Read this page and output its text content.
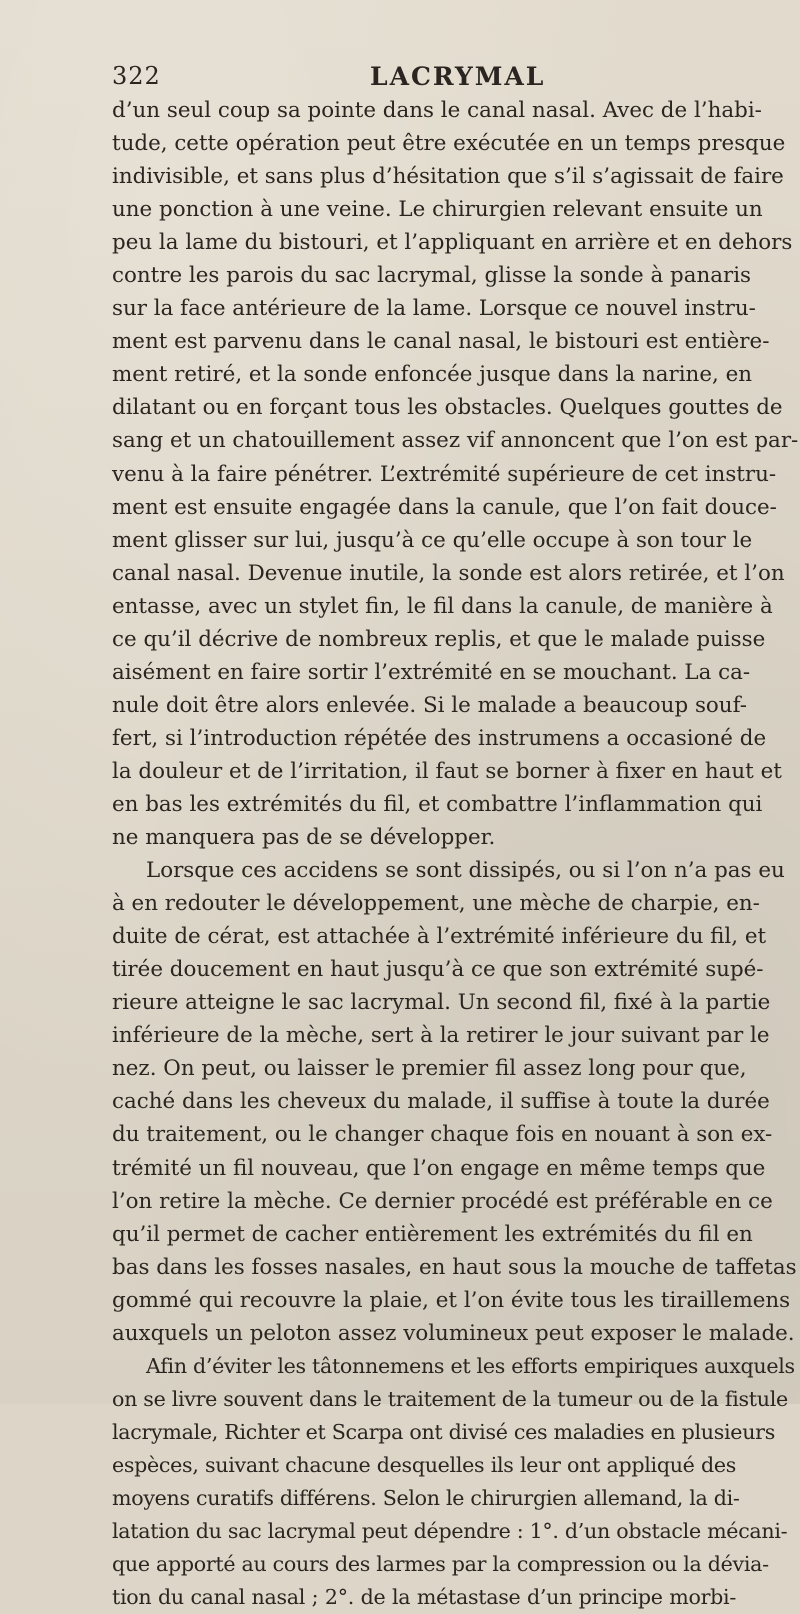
322	LACRYMAL
d’un seul coup sa pointe dans le canal nasal. Avec de l’habi-
tude, cette opération peut être exécutée en un temps presque
indivisible, et sans plus d’hésitation que s’il s’agissait de faire
une ponction à une veine. Le chirurgien relevant ensuite un
peu la lame du bistouri, et l’appliquant en arrière et en dehors
contre les parois du sac lacrymal, glisse la sonde à panaris
sur la face antérieure de la lame. Lorsque ce nouvel instru-
ment est parvenu dans le canal nasal, le bistouri est entière-
ment retiré, et la sonde enfoncée jusque dans la narine, en
dilatant ou en forçant tous les obstacles. Quelques gouttes de
sang et un chatouillement assez vif annoncent que l’on est par-
venu à la faire pénétrer. L’extrémité supérieure de cet instru-
ment est ensuite engagée dans la canule, que l’on fait douce-
ment glisser sur lui, jusqu’à ce qu’elle occupe à son tour le
canal nasal. Devenue inutile, la sonde est alors retirée, et l’on
entasse, avec un stylet fin, le fil dans la canule, de manière à
ce qu’il décrive de nombreux replis, et que le malade puisse
aisément en faire sortir l’extrémité en se mouchant. La ca-
nule doit être alors enlevée. Si le malade a beaucoup souf-
fert, si l’introduction répétée des instrumens a occasioné de
la douleur et de l’irritation, il faut se borner à fixer en haut et
en bas les extrémités du fil, et combattre l’inflammation qui
ne manquera pas de se développer.
Lorsque ces accidens se sont dissipés, ou si l’on n’a pas eu
à en redouter le développement, une mèche de charpie, en-
duite de cérat, est attachée à l’extrémité inférieure du fil, et
tirée doucement en haut jusqu’à ce que son extrémité supé-
rieure atteigne le sac lacrymal. Un second fil, fixé à la partie
inférieure de la mèche, sert à la retirer le jour suivant par le
nez. On peut, ou laisser le premier fil assez long pour que,
caché dans les cheveux du malade, il suffise à toute la durée
du traitement, ou le changer chaque fois en nouant à son ex-
trémité un fil nouveau, que l’on engage en même temps que
l’on retire la mèche. Ce dernier procédé est préférable en ce
qu’il permet de cacher entièrement les extrémités du fil en
bas dans les fosses nasales, en haut sous la mouche de taffetas
gommé qui recouvre la plaie, et l’on évite tous les tiraillemens
auxquels un peloton assez volumineux peut exposer le malade.
Afin d’éviter les tâtonnemens et les efforts empiriques auxquels
on se livre souvent dans le traitement de la tumeur ou de la fistule
lacrymale, Richter et Scarpa ont divisé ces maladies en plusieurs
espèces, suivant chacune desquelles ils leur ont appliqué des
moyens curatifs différens. Selon le chirurgien allemand, la di-
latation du sac lacrymal peut dépendre : 1°. d’un obstacle mécani-
que apporté au cours des larmes par la compression ou la dévia-
tion du canal nasal ; 2°. de la métastase d’un principe morbi-
